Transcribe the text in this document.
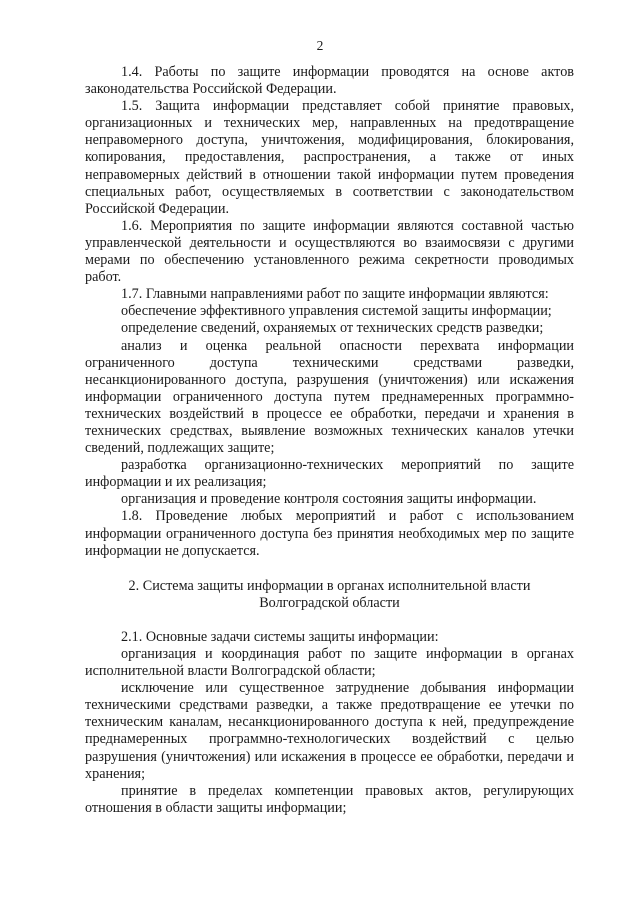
2

1.4. Работы по защите информации проводятся на основе актов законодательства Российской Федерации.

1.5. Защита информации представляет собой принятие правовых, организационных и технических мер, направленных на предотвращение неправомерного доступа, уничтожения, модифицирования, блокирования, копирования, предоставления, распространения, а также от иных неправомерных действий в отношении такой информации путем проведения специальных работ, осуществляемых в соответствии с законодательством Российской Федерации.

1.6. Мероприятия по защите информации являются составной частью управленческой деятельности и осуществляются во взаимосвязи с другими мерами по обеспечению установленного режима секретности проводимых работ.

1.7. Главными направлениями работ по защите информации являются:

обеспечение эффективного управления системой защиты информации;

определение сведений, охраняемых от технических средств разведки;

анализ и оценка реальной опасности перехвата информации ограниченного доступа техническими средствами разведки, несанкционированного доступа, разрушения (уничтожения) или искажения информации ограниченного доступа путем преднамеренных программно-технических воздействий в процессе ее обработки, передачи и хранения в технических средствах, выявление возможных технических каналов утечки сведений, подлежащих защите;

разработка организационно-технических мероприятий по защите информации и их реализация;

организация и проведение контроля состояния защиты информации.

1.8. Проведение любых мероприятий и работ с использованием информации ограниченного доступа без принятия необходимых мер по защите информации не допускается.

2. Система защиты информации в органах исполнительной власти Волгоградской области

2.1. Основные задачи системы защиты информации:

организация и координация работ по защите информации в органах исполнительной власти Волгоградской области;

исключение или существенное затруднение добывания информации техническими средствами разведки, а также предотвращение ее утечки по техническим каналам, несанкционированного доступа к ней, предупреждение преднамеренных программно-технологических воздействий с целью разрушения (уничтожения) или искажения в процессе ее обработки, передачи и хранения;

принятие в пределах компетенции правовых актов, регулирующих отношения в области защиты информации;
